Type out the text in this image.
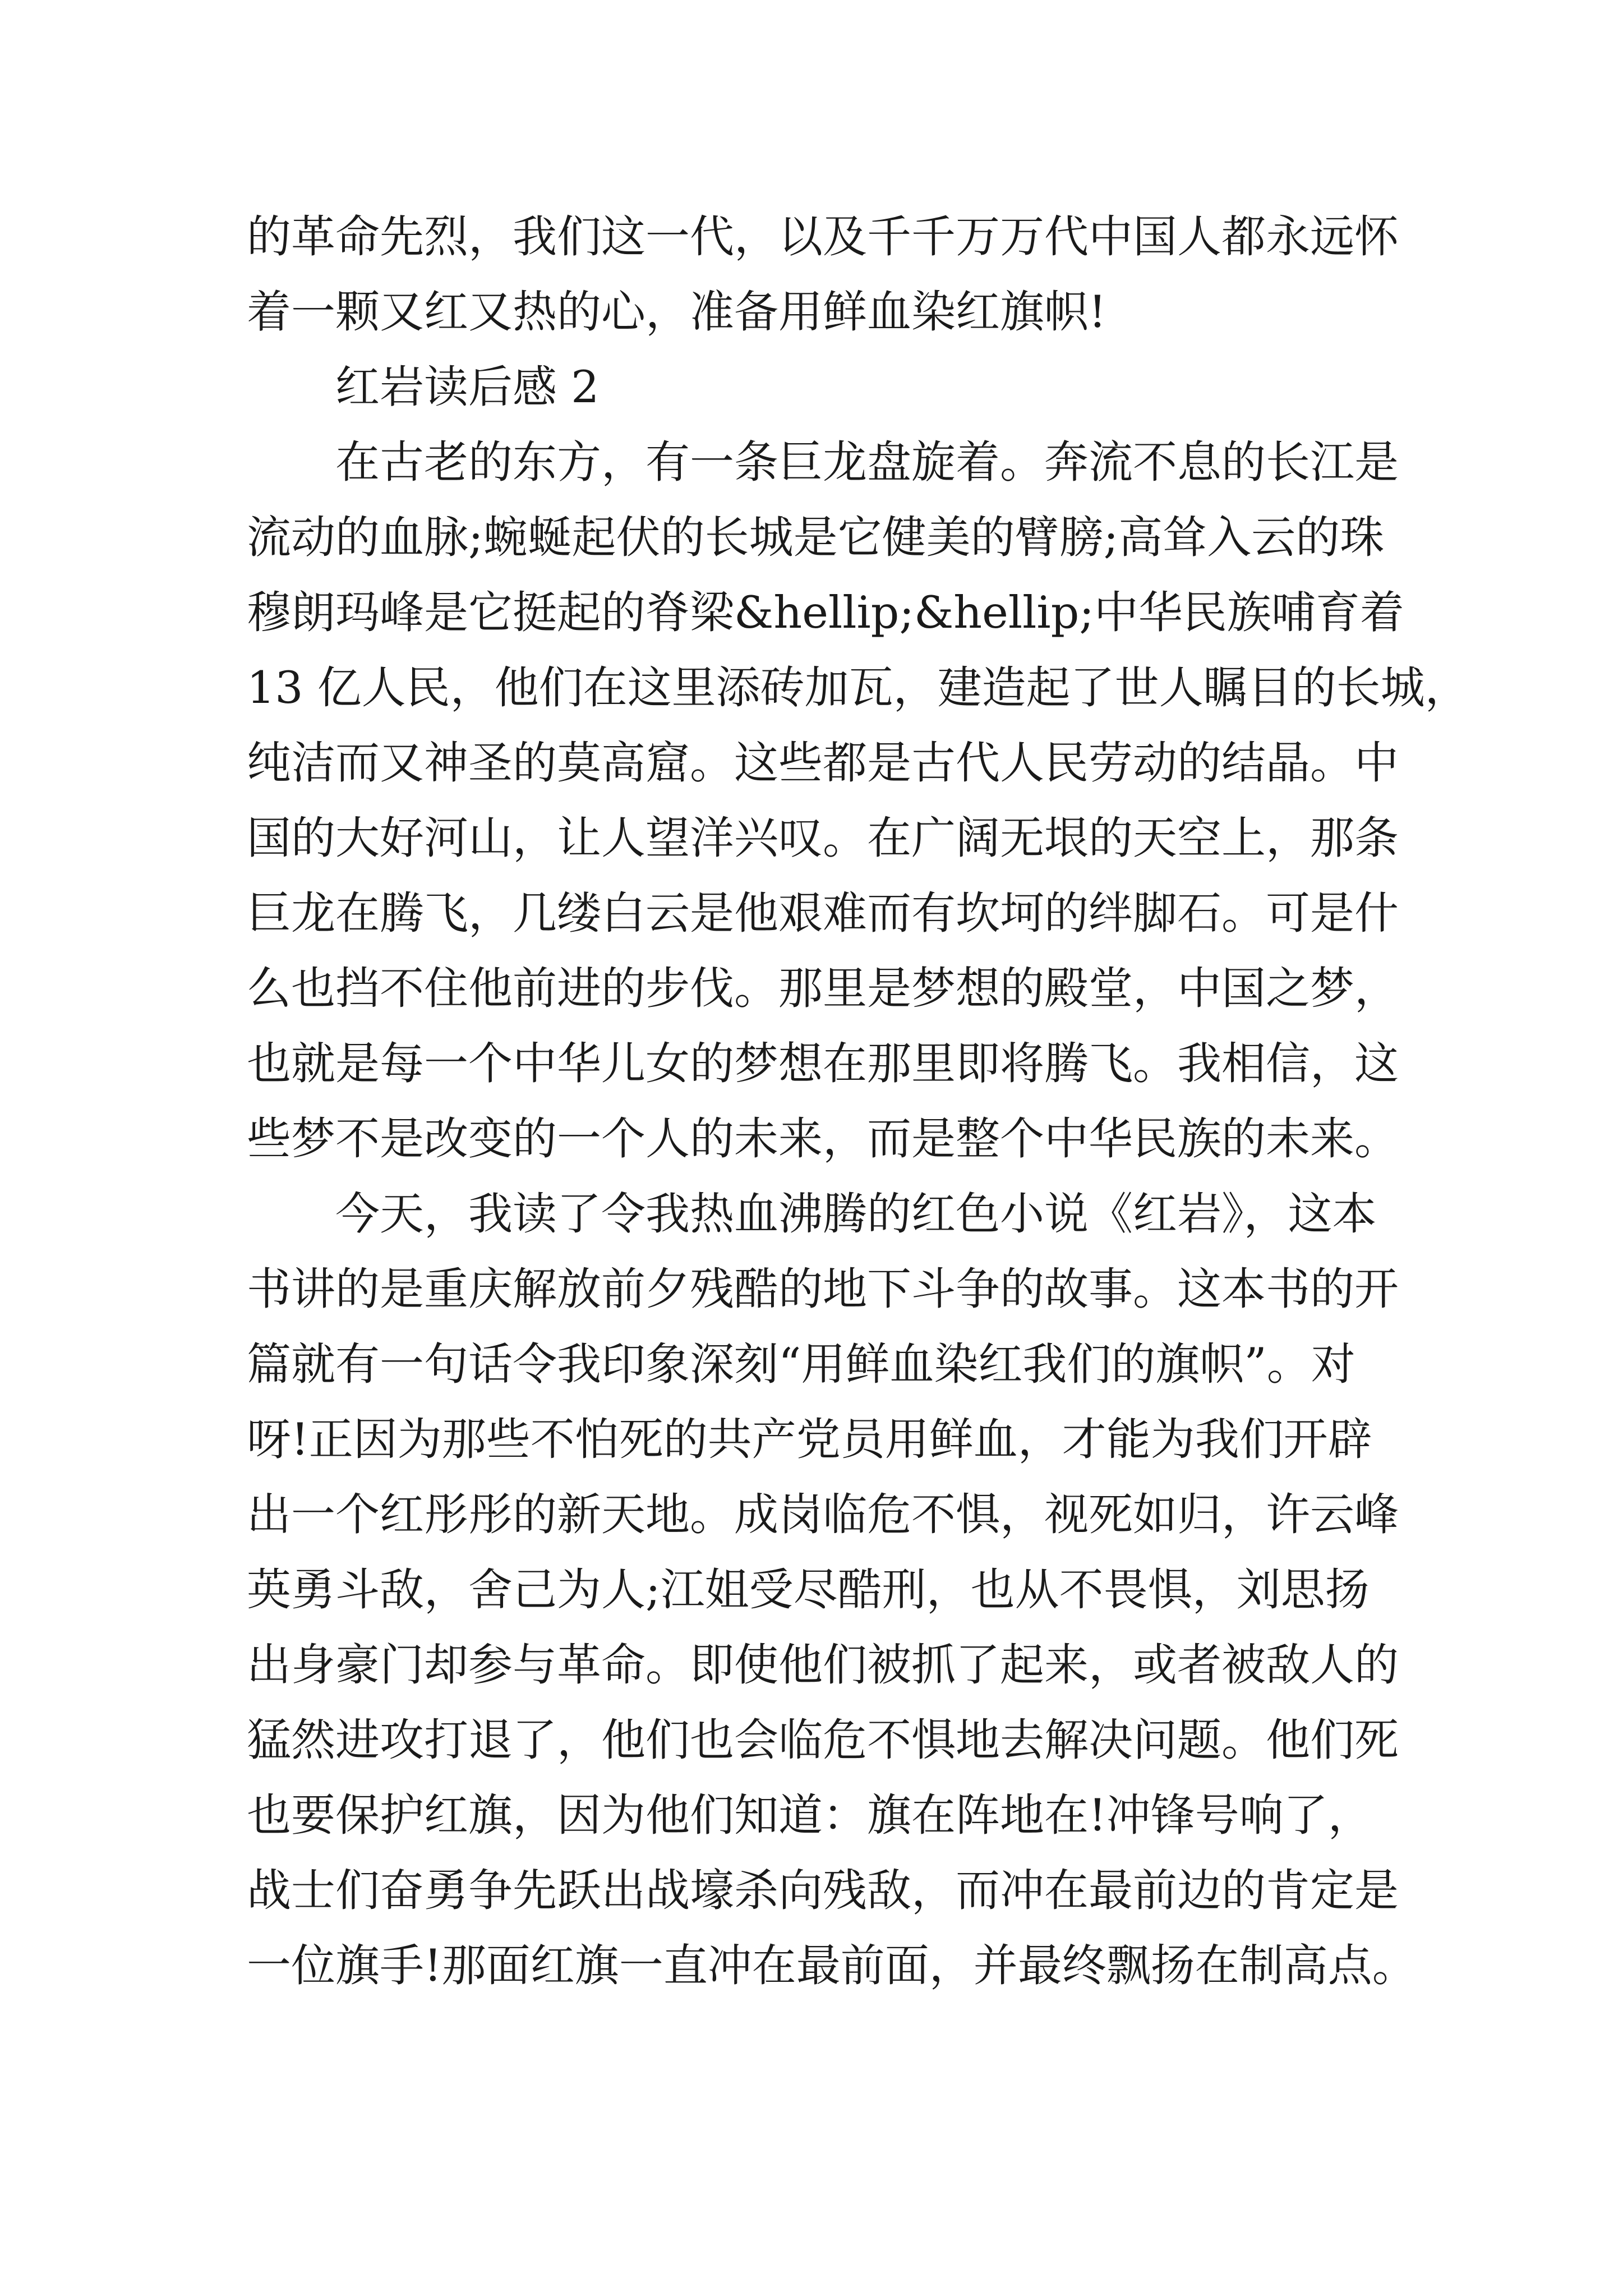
的革命先烈，我们这一代，以及千千万万代中国人都永远怀
着一颗又红又热的心，准备用鲜血染红旗帜!
红岩读后感 2
在古老的东方，有一条巨龙盘旋着。奔流不息的长江是
流动的血脉;蜿蜒起伏的长城是它健美的臂膀;高耸入云的珠
穆朗玛峰是它挺起的脊梁&hellip;&hellip;中华民族哺育着
13 亿人民，他们在这里添砖加瓦，建造起了世人瞩目的长城，
纯洁而又神圣的莫高窟。这些都是古代人民劳动的结晶。中
国的大好河山，让人望洋兴叹。在广阔无垠的天空上，那条
巨龙在腾飞，几缕白云是他艰难而有坎坷的绊脚石。可是什
么也挡不住他前进的步伐。那里是梦想的殿堂，中国之梦，
也就是每一个中华儿女的梦想在那里即将腾飞。我相信，这
些梦不是改变的一个人的未来，而是整个中华民族的未来。
今天，我读了令我热血沸腾的红色小说《红岩》，这本
书讲的是重庆解放前夕残酷的地下斗争的故事。这本书的开
篇就有一句话令我印象深刻“用鲜血染红我们的旗帜”。对
呀!正因为那些不怕死的共产党员用鲜血，才能为我们开辟
出一个红彤彤的新天地。成岗临危不惧，视死如归，许云峰
英勇斗敌，舍己为人;江姐受尽酷刑，也从不畏惧，刘思扬
出身豪门却参与革命。即使他们被抓了起来，或者被敌人的
猛然进攻打退了，他们也会临危不惧地去解决问题。他们死
也要保护红旗，因为他们知道：旗在阵地在!冲锋号响了，
战士们奋勇争先跃出战壕杀向残敌，而冲在最前边的肯定是
一位旗手!那面红旗一直冲在最前面，并最终飘扬在制高点。
